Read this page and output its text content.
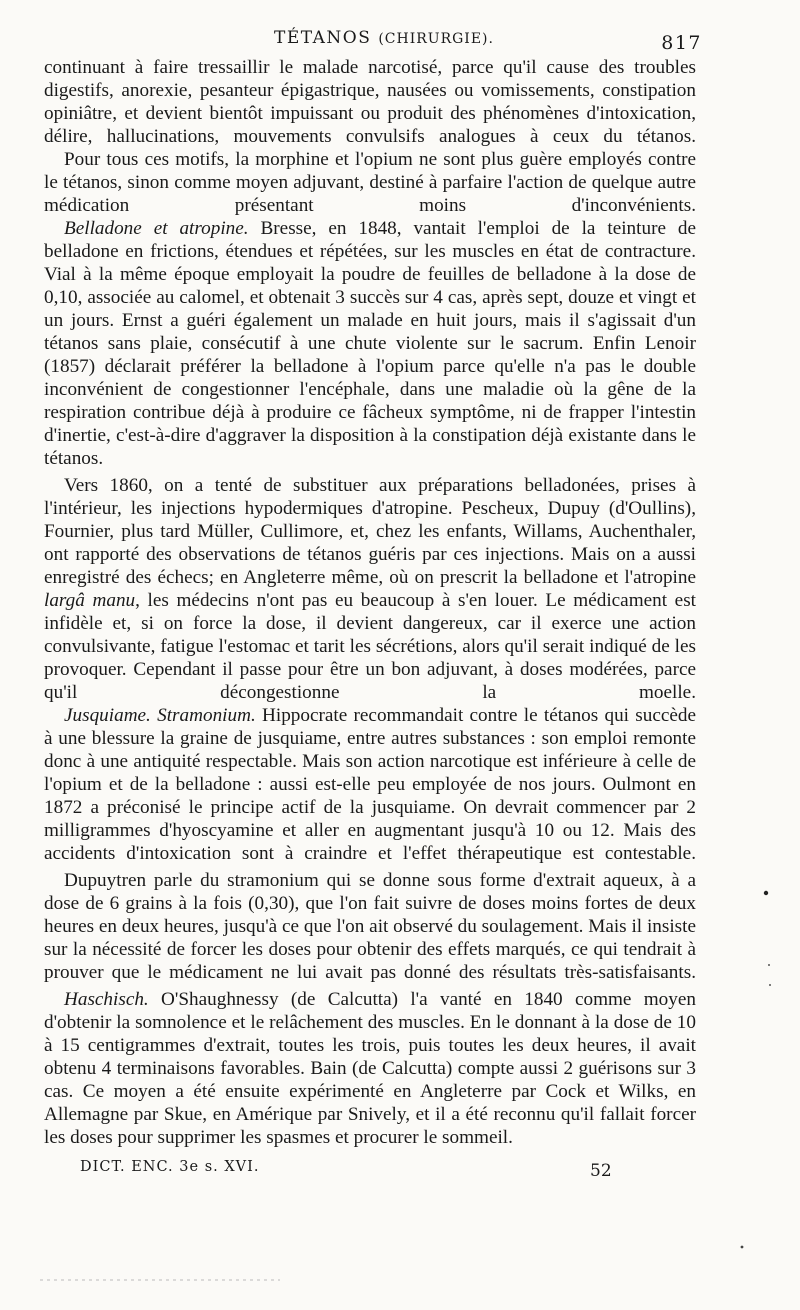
TÉTANOS (CHIRURGIE).	817

continuant à faire tressaillir le malade narcotisé, parce qu'il cause des troubles digestifs, anorexie, pesanteur épigastrique, nausées ou vomissements, constipation opiniâtre, et devient bientôt impuissant ou produit des phénomènes d'intoxication, délire, hallucinations, mouvements convulsifs analogues à ceux du tétanos.

Pour tous ces motifs, la morphine et l'opium ne sont plus guère employés contre le tétanos, sinon comme moyen adjuvant, destiné à parfaire l'action de quelque autre médication présentant moins d'inconvénients.

Belladone et atropine. Bresse, en 1848, vantait l'emploi de la teinture de belladone en frictions, étendues et répétées, sur les muscles en état de contracture. Vial à la même époque employait la poudre de feuilles de belladone à la dose de 0,10, associée au calomel, et obtenait 3 succès sur 4 cas, après sept, douze et vingt et un jours. Ernst a guéri également un malade en huit jours, mais il s'agissait d'un tétanos sans plaie, consécutif à une chute violente sur le sacrum. Enfin Lenoir (1857) déclarait préférer la belladone à l'opium parce qu'elle n'a pas le double inconvénient de congestionner l'encéphale, dans une maladie où la gêne de la respiration contribue déjà à produire ce fâcheux symptôme, ni de frapper l'intestin d'inertie, c'est-à-dire d'aggraver la disposition à la constipation déjà existante dans le tétanos.

Vers 1860, on a tenté de substituer aux préparations belladonées, prises à l'intérieur, les injections hypodermiques d'atropine. Pescheux, Dupuy (d'Oullins), Fournier, plus tard Müller, Cullimore, et, chez les enfants, Willams, Auchenthaler, ont rapporté des observations de tétanos guéris par ces injections. Mais on a aussi enregistré des échecs; en Angleterre même, où on prescrit la belladone et l'atropine largâ manu, les médecins n'ont pas eu beaucoup à s'en louer. Le médicament est infidèle et, si on force la dose, il devient dangereux, car il exerce une action convulsivante, fatigue l'estomac et tarit les sécrétions, alors qu'il serait indiqué de les provoquer. Cependant il passe pour être un bon adjuvant, à doses modérées, parce qu'il décongestionne la moelle.

Jusquiame. Stramonium. Hippocrate recommandait contre le tétanos qui succède à une blessure la graine de jusquiame, entre autres substances : son emploi remonte donc à une antiquité respectable. Mais son action narcotique est inférieure à celle de l'opium et de la belladone : aussi est-elle peu employée de nos jours. Oulmont en 1872 a préconisé le principe actif de la jusquiame. On devrait commencer par 2 milligrammes d'hyoscyamine et aller en augmentant jusqu'à 10 ou 12. Mais des accidents d'intoxication sont à craindre et l'effet thérapeutique est contestable.

Dupuytren parle du stramonium qui se donne sous forme d'extrait aqueux, à a dose de 6 grains à la fois (0,30), que l'on fait suivre de doses moins fortes de deux heures en deux heures, jusqu'à ce que l'on ait observé du soulagement. Mais il insiste sur la nécessité de forcer les doses pour obtenir des effets marqués, ce qui tendrait à prouver que le médicament ne lui avait pas donné des résultats très-satisfaisants.

Haschisch. O'Shaughnessy (de Calcutta) l'a vanté en 1840 comme moyen d'obtenir la somnolence et le relâchement des muscles. En le donnant à la dose de 10 à 15 centigrammes d'extrait, toutes les trois, puis toutes les deux heures, il avait obtenu 4 terminaisons favorables. Bain (de Calcutta) compte aussi 2 guérisons sur 3 cas. Ce moyen a été ensuite expérimenté en Angleterre par Cock et Wilks, en Allemagne par Skue, en Amérique par Snively, et il a été reconnu qu'il fallait forcer les doses pour supprimer les spasmes et procurer le sommeil.

DICT. ENC. 3e s. XVI.	52
